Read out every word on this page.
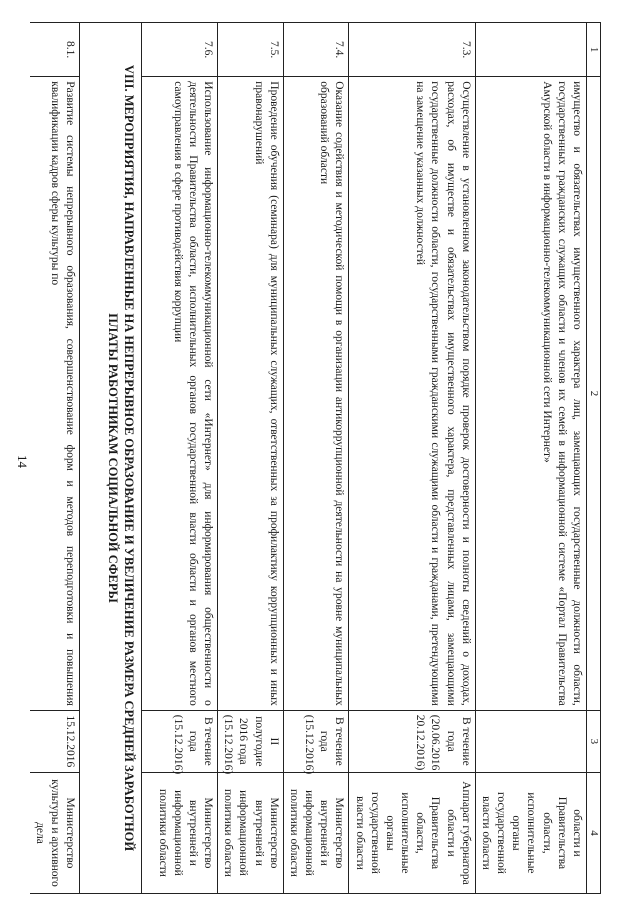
14
1	2	3	4
	имущество и обязательствах имущественного характера лиц, замещающих государственные должности области, государственных гражданских служащих области и членов их семей в информационной системе «Портал Правительства Амурской области в информационно-телекоммуникационной сети Интернет»		области и Правительства области, исполнительные органы государственной власти области
7.3.	Осуществление в установленном законодательством порядке проверок достоверности и полноты сведений о доходах, расходах, об имуществе и обязательствах имущественного характера, представленных лицами, замещающими государственные должности области, государственными гражданскими служащими области и гражданами, претендующими на замещение указанных должностей	В течение года (20.06.2016 20.12.2016)	Аппарат губернатора области и Правительства области, исполнительные органы государственной власти области
7.4.	Оказание содействия и методической помощи в организации антикоррупционной деятельности на уровне муниципальных образований области	В течение года (15.12.2016)	Министерство внутренней и информационной политики области
7.5.	Проведение обучения (семинара) для муниципальных служащих, ответственных за профилактику коррупционных и иных правонарушений	II полугодие 2016 года (15.12.2016)	Министерство внутренней и информационной политики области
7.6.	Использование информационно-телекоммуникационной сети «Интернет» для информирования общественности о деятельности Правительства области, исполнительных органов государственной власти области и органов местного самоуправления в сфере противодействия коррупции	В течение года (15.12.2016)	Министерство внутренней и информационной политики области
VIII. МЕРОПРИЯТИЯ, НАПРАВЛЕННЫЕ НА НЕПРЕРЫВНОЕ ОБРАЗОВАНИЕ И УВЕЛИЧЕНИЕ РАЗМЕРА СРЕДНЕЙ ЗАРАБОТНОЙ ПЛАТЫ РАБОТНИКАМ СОЦИАЛЬНОЙ СФЕРЫ			
8.1.	Развитие системы непрерывного образования, совершенствование форм и методов переподготовки и повышения квалификации кадров сферы культуры по	15.12.2016	Министерство культуры и архивного дела
